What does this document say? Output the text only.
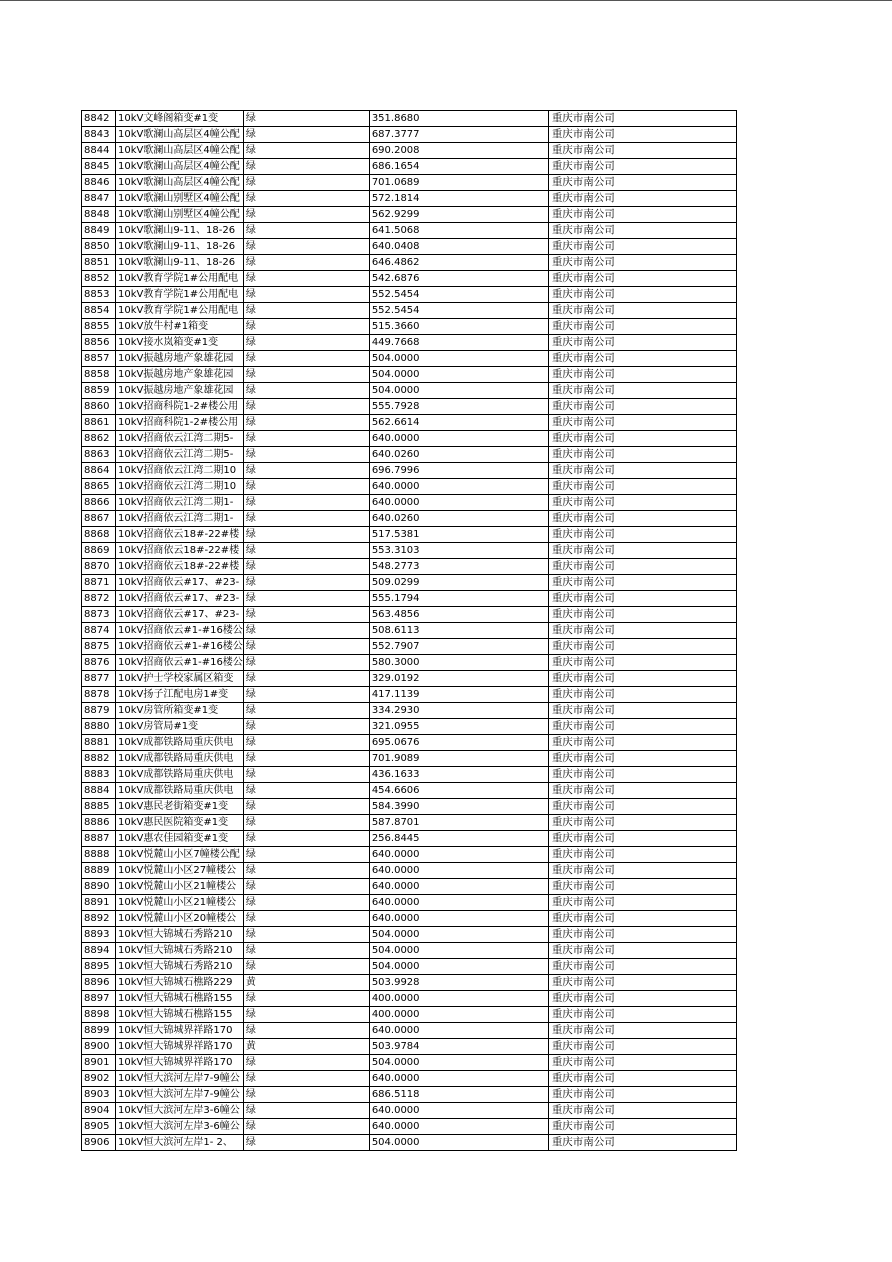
8842	10kV文峰阁箱变#1变	绿	351.8680	重庆市南公司
8843	10kV歌澜山高层区4幢公配	绿	687.3777	重庆市南公司
8844	10kV歌澜山高层区4幢公配	绿	690.2008	重庆市南公司
8845	10kV歌澜山高层区4幢公配	绿	686.1654	重庆市南公司
8846	10kV歌澜山高层区4幢公配	绿	701.0689	重庆市南公司
8847	10kV歌澜山别墅区4幢公配	绿	572.1814	重庆市南公司
8848	10kV歌澜山别墅区4幢公配	绿	562.9299	重庆市南公司
8849	10kV歌澜山9-11、18-26	绿	641.5068	重庆市南公司
8850	10kV歌澜山9-11、18-26	绿	640.0408	重庆市南公司
8851	10kV歌澜山9-11、18-26	绿	646.4862	重庆市南公司
8852	10kV教育学院1#公用配电	绿	542.6876	重庆市南公司
8853	10kV教育学院1#公用配电	绿	552.5454	重庆市南公司
8854	10kV教育学院1#公用配电	绿	552.5454	重庆市南公司
8855	10kV放牛村#1箱变	绿	515.3660	重庆市南公司
8856	10kV接水岚箱变#1变	绿	449.7668	重庆市南公司
8857	10kV振越房地产象雄花园	绿	504.0000	重庆市南公司
8858	10kV振越房地产象雄花园	绿	504.0000	重庆市南公司
8859	10kV振越房地产象雄花园	绿	504.0000	重庆市南公司
8860	10kV招商科院1-2#楼公用	绿	555.7928	重庆市南公司
8861	10kV招商科院1-2#楼公用	绿	562.6614	重庆市南公司
8862	10kV招商依云江湾二期5-	绿	640.0000	重庆市南公司
8863	10kV招商依云江湾二期5-	绿	640.0260	重庆市南公司
8864	10kV招商依云江湾二期10	绿	696.7996	重庆市南公司
8865	10kV招商依云江湾二期10	绿	640.0000	重庆市南公司
8866	10kV招商依云江湾二期1-	绿	640.0000	重庆市南公司
8867	10kV招商依云江湾二期1-	绿	640.0260	重庆市南公司
8868	10kV招商依云18#-22#楼	绿	517.5381	重庆市南公司
8869	10kV招商依云18#-22#楼	绿	553.3103	重庆市南公司
8870	10kV招商依云18#-22#楼	绿	548.2773	重庆市南公司
8871	10kV招商依云#17、#23-	绿	509.0299	重庆市南公司
8872	10kV招商依云#17、#23-	绿	555.1794	重庆市南公司
8873	10kV招商依云#17、#23-	绿	563.4856	重庆市南公司
8874	10kV招商依云#1-#16楼公	绿	508.6113	重庆市南公司
8875	10kV招商依云#1-#16楼公	绿	552.7907	重庆市南公司
8876	10kV招商依云#1-#16楼公	绿	580.3000	重庆市南公司
8877	10kV护士学校家属区箱变	绿	329.0192	重庆市南公司
8878	10kV扬子江配电房1#变	绿	417.1139	重庆市南公司
8879	10kV房管所箱变#1变	绿	334.2930	重庆市南公司
8880	10kV房管局#1变	绿	321.0955	重庆市南公司
8881	10kV成都铁路局重庆供电	绿	695.0676	重庆市南公司
8882	10kV成都铁路局重庆供电	绿	701.9089	重庆市南公司
8883	10kV成都铁路局重庆供电	绿	436.1633	重庆市南公司
8884	10kV成都铁路局重庆供电	绿	454.6606	重庆市南公司
8885	10kV惠民老街箱变#1变	绿	584.3990	重庆市南公司
8886	10kV惠民医院箱变#1变	绿	587.8701	重庆市南公司
8887	10kV惠农佳园箱变#1变	绿	256.8445	重庆市南公司
8888	10kV悦麓山小区7幢楼公配	绿	640.0000	重庆市南公司
8889	10kV悦麓山小区27幢楼公	绿	640.0000	重庆市南公司
8890	10kV悦麓山小区21幢楼公	绿	640.0000	重庆市南公司
8891	10kV悦麓山小区21幢楼公	绿	640.0000	重庆市南公司
8892	10kV悦麓山小区20幢楼公	绿	640.0000	重庆市南公司
8893	10kV恒大锦城石秀路210	绿	504.0000	重庆市南公司
8894	10kV恒大锦城石秀路210	绿	504.0000	重庆市南公司
8895	10kV恒大锦城石秀路210	绿	504.0000	重庆市南公司
8896	10kV恒大锦城石樵路229	黄	503.9928	重庆市南公司
8897	10kV恒大锦城石樵路155	绿	400.0000	重庆市南公司
8898	10kV恒大锦城石樵路155	绿	400.0000	重庆市南公司
8899	10kV恒大锦城界祥路170	绿	640.0000	重庆市南公司
8900	10kV恒大锦城界祥路170	黄	503.9784	重庆市南公司
8901	10kV恒大锦城界祥路170	绿	504.0000	重庆市南公司
8902	10kV恒大滨河左岸7-9幢公	绿	640.0000	重庆市南公司
8903	10kV恒大滨河左岸7-9幢公	绿	686.5118	重庆市南公司
8904	10kV恒大滨河左岸3-6幢公	绿	640.0000	重庆市南公司
8905	10kV恒大滨河左岸3-6幢公	绿	640.0000	重庆市南公司
8906	10kV恒大滨河左岸1- 2、	绿	504.0000	重庆市南公司
